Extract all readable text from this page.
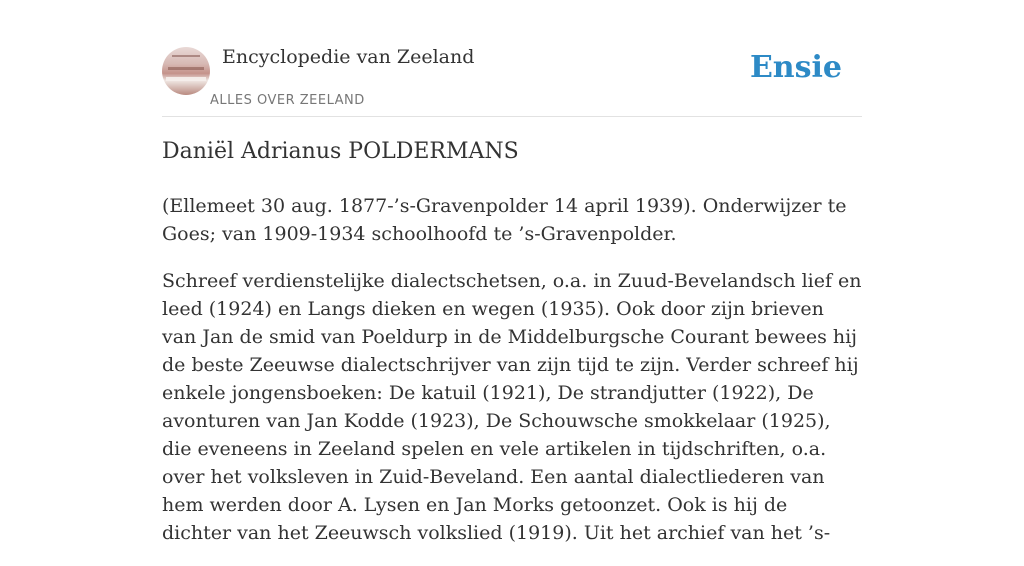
Encyclopedie van Zeeland
ALLES OVER ZEELAND
Ensie
Daniël Adrianus POLDERMANS

(Ellemeet 30 aug. 1877-’s-Gravenpolder 14 april 1939). Onderwijzer te Goes; van 1909-1934 schoolhoofd te ’s-Gravenpolder.

Schreef verdienstelijke dialectschetsen, o.a. in Zuud-Bevelandsch lief en leed (1924) en Langs dieken en wegen (1935). Ook door zijn brieven van Jan de smid van Poeldurp in de Middelburgsche Courant bewees hij de beste Zeeuwse dialectschrijver van zijn tijd te zijn. Verder schreef hij enkele jongensboeken: De katuil (1921), De strandjutter (1922), De avonturen van Jan Kodde (1923), De Schouwsche smokkelaar (1925), die eveneens in Zeeland spelen en vele artikelen in tijdschriften, o.a. over het volksleven in Zuid-Beveland. Een aantal dialectliederen van hem werden door A. Lysen en Jan Morks getoonzet. Ook is hij de dichter van het Zeeuwsch volkslied (1919). Uit het archief van het ’s-
